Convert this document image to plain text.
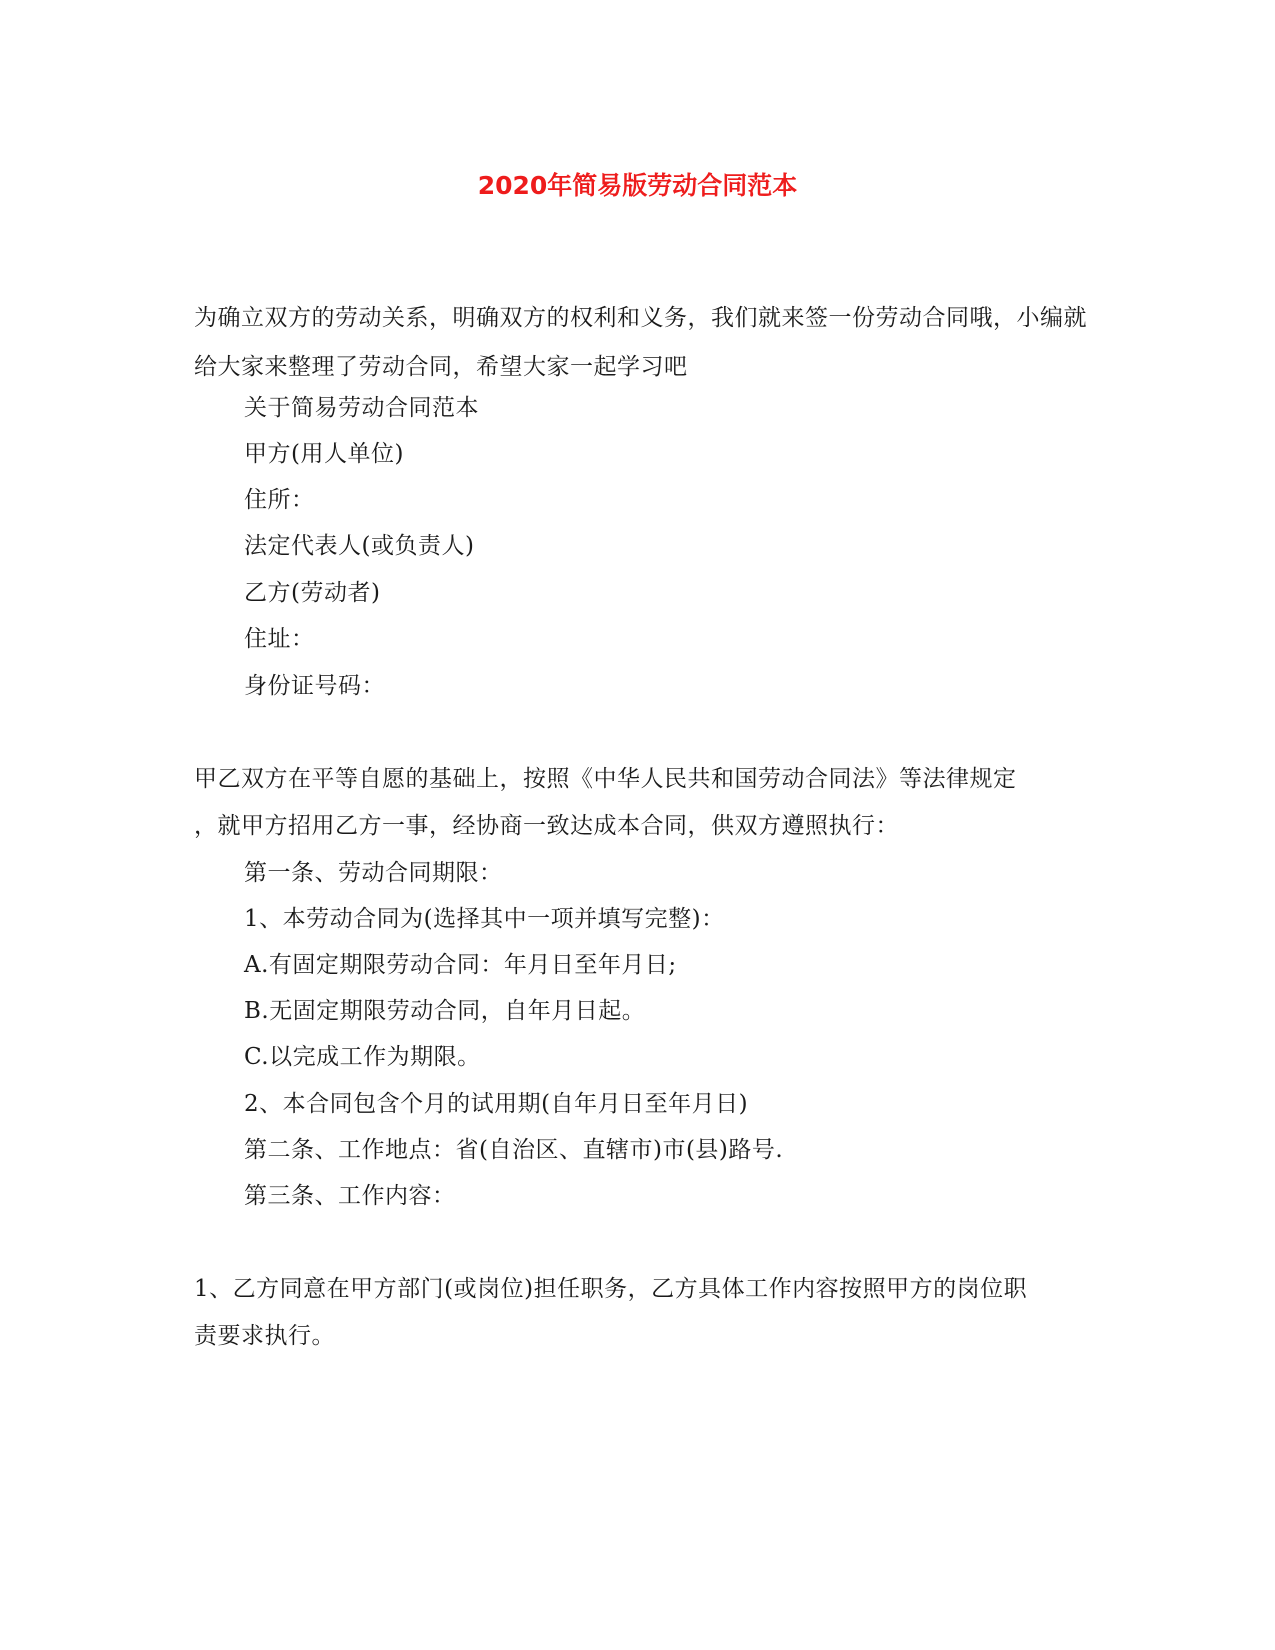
2020年简易版劳动合同范本
为确立双方的劳动关系，明确双方的权利和义务，我们就来签一份劳动合同哦，小编就给大家来整理了劳动合同，希望大家一起学习吧
关于简易劳动合同范本
甲方(用人单位)
住所：
法定代表人(或负责人)
乙方(劳动者)
住址：
身份证号码：
甲乙双方在平等自愿的基础上，按照《中华人民共和国劳动合同法》等法律规定
，就甲方招用乙方一事，经协商一致达成本合同，供双方遵照执行：
第一条、劳动合同期限：
1、本劳动合同为(选择其中一项并填写完整)：
A.有固定期限劳动合同：年月日至年月日;
B.无固定期限劳动合同，自年月日起。
C.以完成工作为期限。
2、本合同包含个月的试用期(自年月日至年月日)
第二条、工作地点：省(自治区、直辖市)市(县)路号.
第三条、工作内容：
1、乙方同意在甲方部门(或岗位)担任职务，乙方具体工作内容按照甲方的岗位职
责要求执行。
